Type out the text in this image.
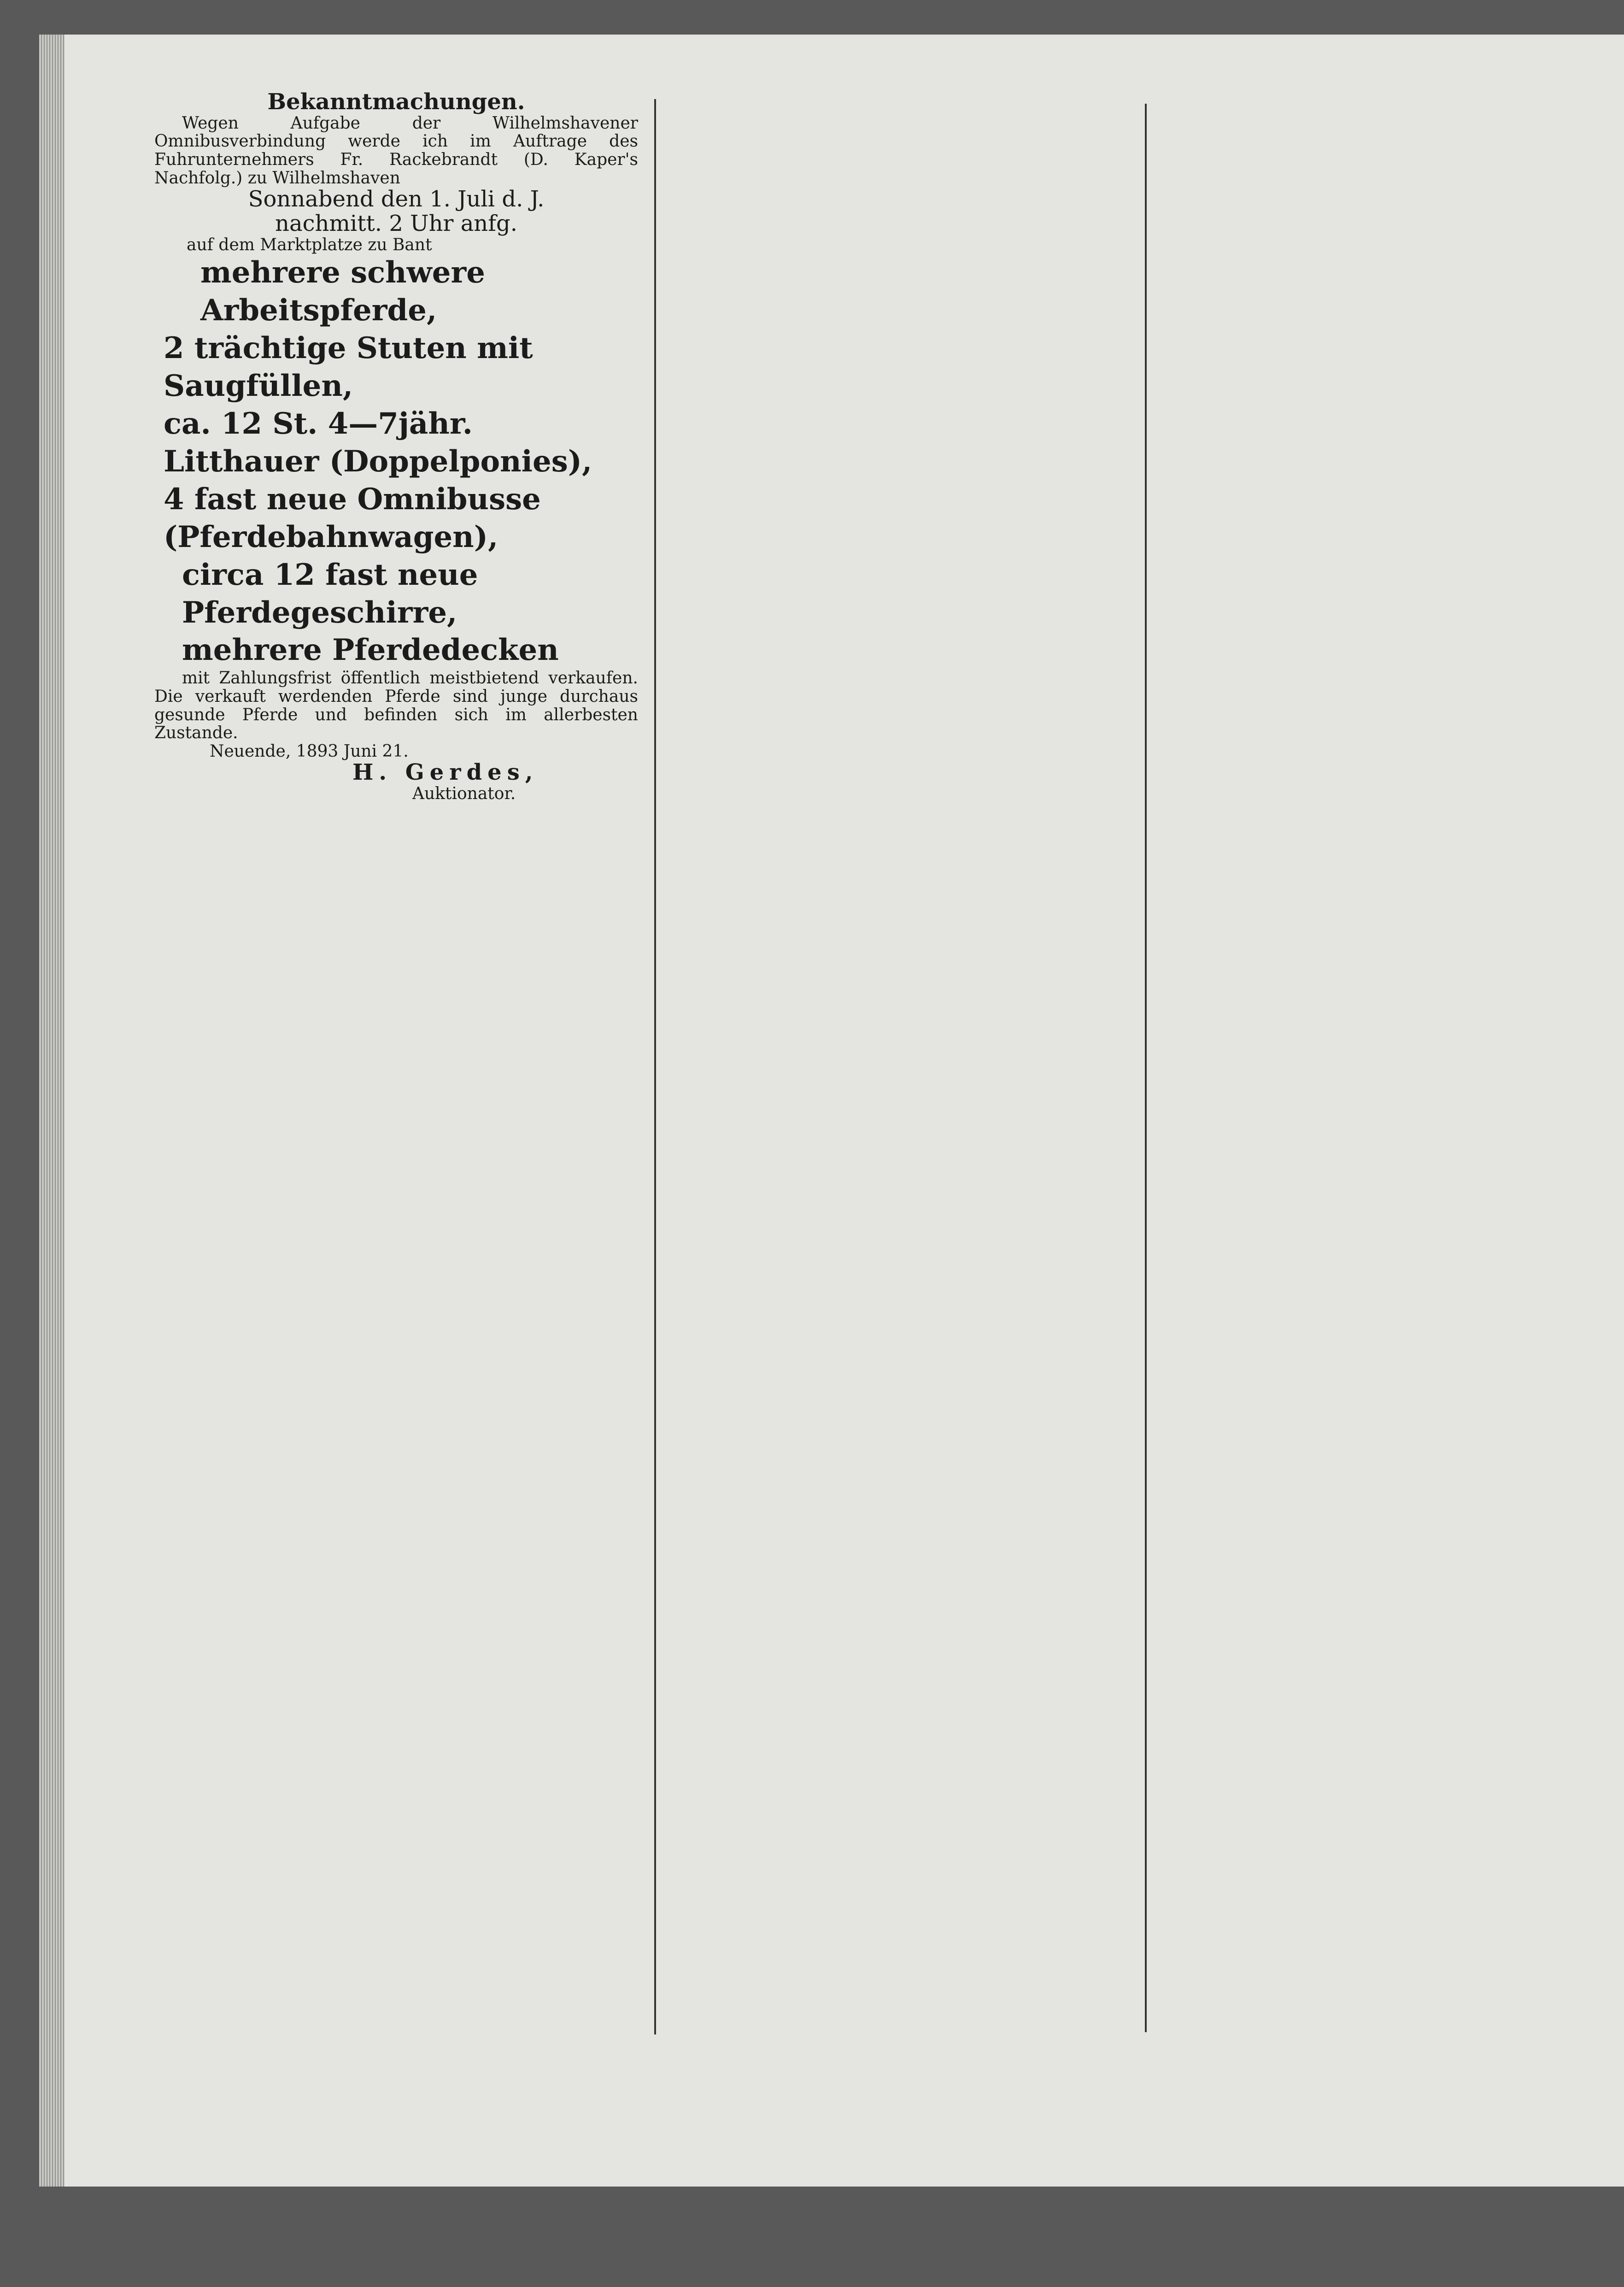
Bekanntmachungen.
Wegen Aufgabe der Wilhelmshavener Omnibusverbindung werde ich im Auftrage des Fuhrunternehmers Fr. Rackebrandt (D. Kaper's Nachfolg.) zu Wilhelmshaven
Sonnabend den 1. Juli d. J.
nachmitt. 2 Uhr anfg.
auf dem Marktplatze zu Bant
mehrere schwere Arbeitspferde,
2 trächtige Stuten mit Saugfüllen,
ca. 12 St. 4—7jähr. Litthauer (Doppelponies),
4 fast neue Omnibusse (Pferdebahnwagen),
circa 12 fast neue Pferdegeschirre,
mehrere Pferdedecken
mit Zahlungsfrist öffentlich meistbietend verkaufen. Die verkauft werdenden Pferde sind junge durchaus gesunde Pferde und befinden sich im allerbesten Zustande.
Neuende, 1893 Juni 21.
H. Gerdes,
Auktionator.
